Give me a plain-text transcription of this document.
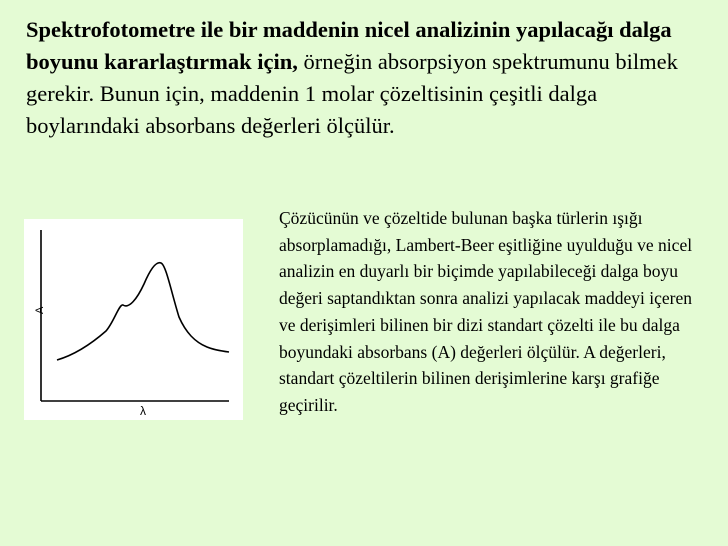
Spektrofotometre ile bir maddenin nicel analizinin yapılacağı dalga boyunu kararlaştırmak için, örneğin absorpsiyon spektrumunu bilmek gerekir. Bunun için, maddenin 1 molar çözeltisinin çeşitli dalga boylarındaki absorbans değerleri ölçülür.

A
λ

Çözücünün ve çözeltide bulunan başka türlerin ışığı absorplamadığı, Lambert-Beer eşitliğine uyulduğu ve nicel analizin en duyarlı bir biçimde yapılabileceği dalga boyu değeri saptandıktan sonra analizi yapılacak maddeyi içeren ve derişimleri bilinen bir dizi standart çözelti ile bu dalga boyundaki absorbans (A) değerleri ölçülür. A değerleri, standart çözeltilerin bilinen derişimlerine karşı grafiğe geçirilir.
